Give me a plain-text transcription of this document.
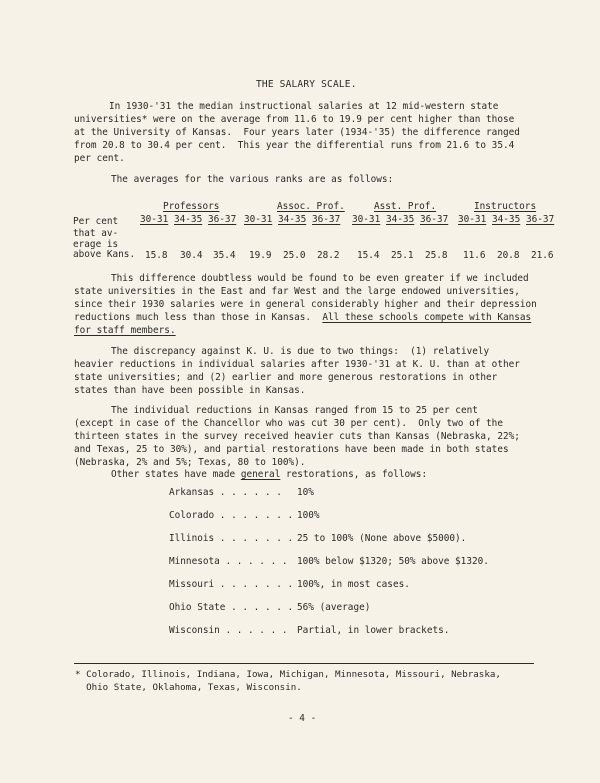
THE SALARY SCALE.
In 1930-'31 the median instructional salaries at 12 mid-western state
universities* were on the average from 11.6 to 19.9 per cent higher than those
at the University of Kansas.  Four years later (1934-'35) the difference ranged
from 20.8 to 30.4 per cent.  This year the differential runs from 21.6 to 35.4
per cent.
The averages for the various ranks are as follows:
Professors	Assoc. Prof.	Asst. Prof.	Instructors
30-31 34-35 36-37 30-31 34-35 36-37 30-31 34-35 36-37 30-31 34-35 36-37
Per cent
that av-
erage is
above Kans. 15.8 30.4 35.4 19.9 25.0 28.2 15.4 25.1 25.8 11.6 20.8 21.6
This difference doubtless would be found to be even greater if we included
state universities in the East and far West and the large endowed universities,
since their 1930 salaries were in general considerably higher and their depression
reductions much less than those in Kansas.  All these schools compete with Kansas
for staff members.
The discrepancy against K. U. is due to two things:  (1) relatively
heavier reductions in individual salaries after 1930-'31 at K. U. than at other
state universities; and (2) earlier and more generous restorations in other
states than have been possible in Kansas.
The individual reductions in Kansas ranged from 15 to 25 per cent
(except in case of the Chancellor who was cut 30 per cent).  Only two of the
thirteen states in the survey received heavier cuts than Kansas (Nebraska, 22%;
and Texas, 25 to 30%), and partial restorations have been made in both states
(Nebraska, 2% and 5%; Texas, 80 to 100%).
Other states have made general restorations, as follows:
Arkansas . . . . . . 10%
Colorado . . . . . . . 100%
Illinois . . . . . . . 25 to 100% (None above $5000).
Minnesota . . . . . . 100% below $1320; 50% above $1320.
Missouri . . . . . . . 100%, in most cases.
Ohio State . . . . . . 56% (average)
Wisconsin . . . . . . Partial, in lower brackets.
* Colorado, Illinois, Indiana, Iowa, Michigan, Minnesota, Missouri, Nebraska,
Ohio State, Oklahoma, Texas, Wisconsin.
- 4 -
